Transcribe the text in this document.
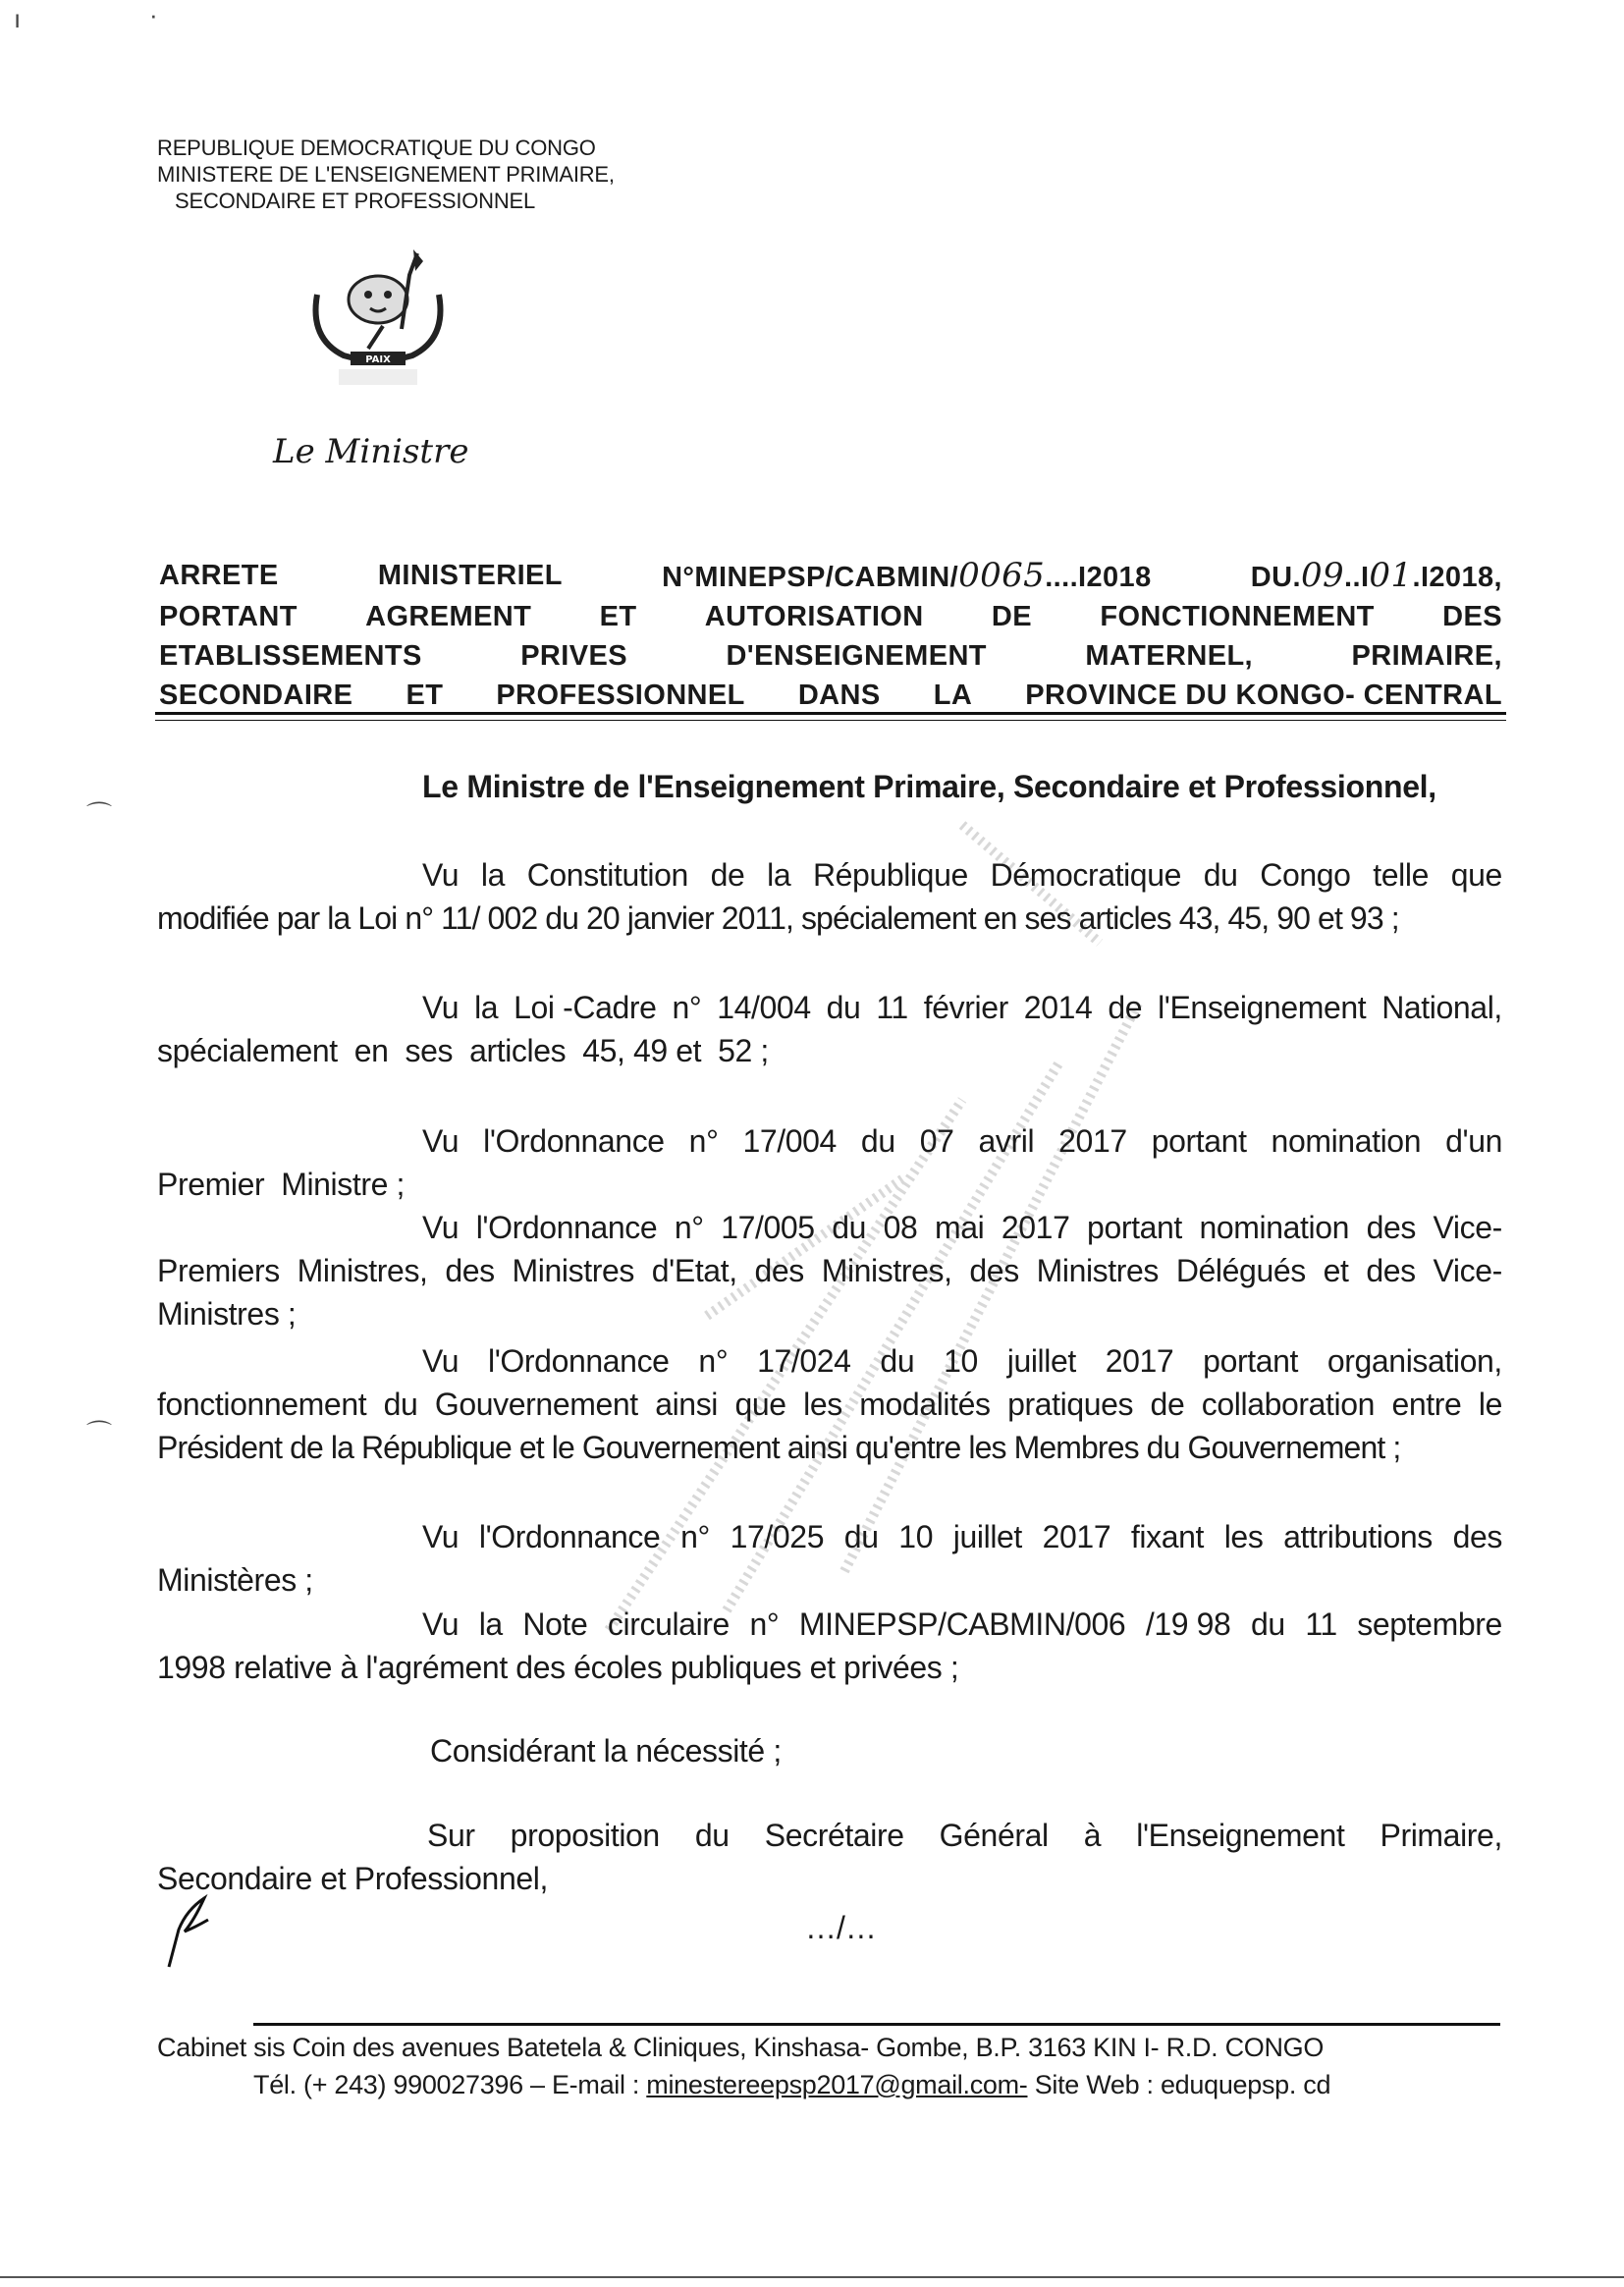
ı	·
⌒
⌒
REPUBLIQUE DEMOCRATIQUE DU CONGO
MINISTERE DE L'ENSEIGNEMENT PRIMAIRE,
SECONDAIRE ET PROFESSIONNEL
PAIX
Le Ministre
ARRETE	MINISTERIEL	N°MINEPSP/CABMIN/0065....I2018	DU.09..I01.I2018,
PORTANT AGREMENT ET AUTORISATION DE FONCTIONNEMENT DES
ETABLISSEMENTS	PRIVES	D'ENSEIGNEMENT	MATERNEL,	PRIMAIRE,
SECONDAIRE ET PROFESSIONNEL DANS LA PROVINCE DU KONGO- CENTRAL
Le Ministre de l'Enseignement Primaire, Secondaire et Professionnel,
Vu la Constitution de la République Démocratique du Congo telle que
modifiée par la Loi n° 11/ 002 du 20 janvier 2011, spécialement en ses articles 43, 45, 90 et 93 ;
Vu la Loi -Cadre n° 14/004 du 11 février 2014 de l'Enseignement National,
spécialement  en  ses  articles  45, 49 et  52 ;
Vu l'Ordonnance n° 17/004 du 07 avril 2017 portant nomination d'un
Premier  Ministre ;
Vu l'Ordonnance n° 17/005 du 08 mai 2017 portant nomination des Vice-
Premiers Ministres, des Ministres d'Etat, des Ministres, des Ministres Délégués et des Vice-
Ministres ;
Vu l'Ordonnance n° 17/024 du 10 juillet 2017 portant organisation,
fonctionnement du Gouvernement ainsi que les modalités pratiques de collaboration entre le
Président de la République et le Gouvernement ainsi qu'entre les Membres du Gouvernement ;
Vu l'Ordonnance n° 17/025 du 10 juillet 2017 fixant les attributions des
Ministères ;
Vu la Note circulaire n° MINEPSP/CABMIN/006 /19 98 du 11 septembre
1998 relative à l'agrément des écoles publiques et privées ;
Considérant la nécessité ;
Sur proposition du Secrétaire Général à l'Enseignement Primaire,
Secondaire et Professionnel,
…/…
Cabinet sis Coin des avenues Batetela & Cliniques, Kinshasa- Gombe, B.P. 3163 KIN I- R.D. CONGO
Tél. (+ 243) 990027396 – E-mail : minestereepsp2017@gmail.com- Site Web : eduquepsp. cd
